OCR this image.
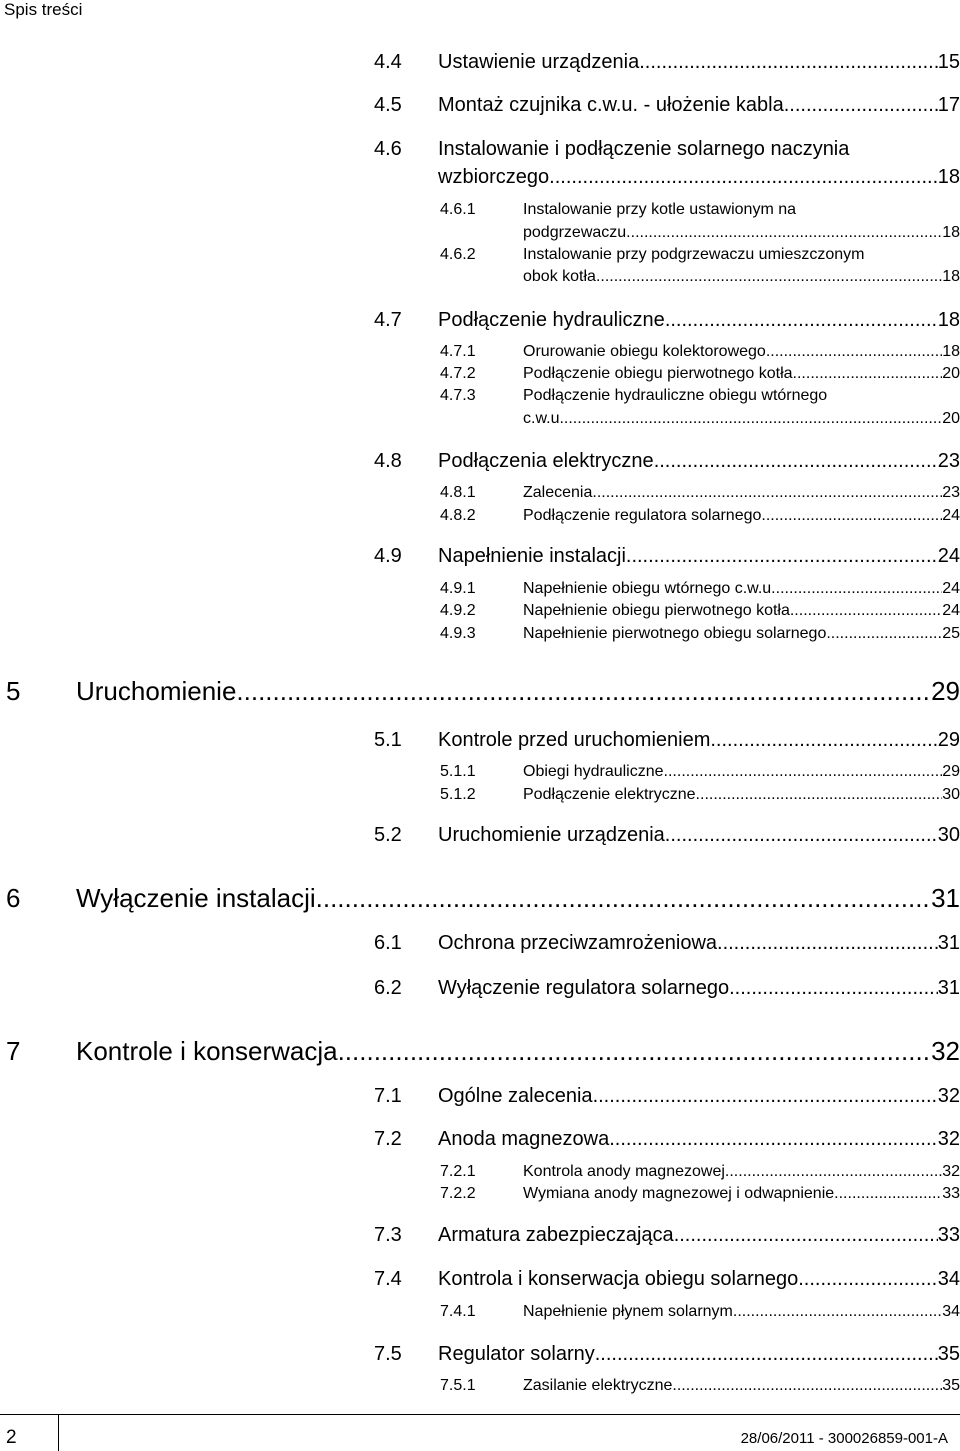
Spis treści
4.4	Ustawienie urządzenia .....	15
4.5	Montaż czujnika c.w.u. - ułożenie kabla .....	17
4.6 Instalowanie i podłączenie solarnego naczynia
wzbiorczego .....	18
4.6.1	Instalowanie przy kotle ustawionym na
podgrzewaczu .....	18
4.6.2	Instalowanie przy podgrzewaczu umieszczonym
obok kotła .....	18
4.7	Podłączenie hydrauliczne .....	18
4.7.1	Orurowanie obiegu kolektorowego .....	18
4.7.2	Podłączenie obiegu pierwotnego kotła .....	20
4.7.3	Podłączenie hydrauliczne obiegu wtórnego
c.w.u. .....	20
4.8	Podłączenia elektryczne .....	23
4.8.1	Zalecenia .....	23
4.8.2	Podłączenie regulatora solarnego .....	24
4.9	Napełnienie instalacji .....	24
4.9.1	Napełnienie obiegu wtórnego c.w.u. .....	24
4.9.2	Napełnienie obiegu pierwotnego kotła .....	24
4.9.3	Napełnienie pierwotnego obiegu solarnego .....	25
5	Uruchomienie .....	29
5.1	Kontrole przed uruchomieniem .....	29
5.1.1	Obiegi hydrauliczne .....	29
5.1.2	Podłączenie elektryczne .....	30
5.2	Uruchomienie urządzenia .....	30
6	Wyłączenie instalacji .....	31
6.1	Ochrona przeciwzamrożeniowa .....	31
6.2	Wyłączenie regulatora solarnego .....	31
7	Kontrole i konserwacja .....	32
7.1	Ogólne zalecenia .....	32
7.2	Anoda magnezowa .....	32
7.2.1	Kontrola anody magnezowej .....	32
7.2.2	Wymiana anody magnezowej i odwapnienie .....	33
7.3	Armatura zabezpieczająca .....	33
7.4	Kontrola i konserwacja obiegu solarnego .....	34
7.4.1	Napełnienie płynem solarnym .....	34
7.5	Regulator solarny .....	35
7.5.1	Zasilanie elektryczne .....	35
2	28/06/2011 - 300026859-001-A
